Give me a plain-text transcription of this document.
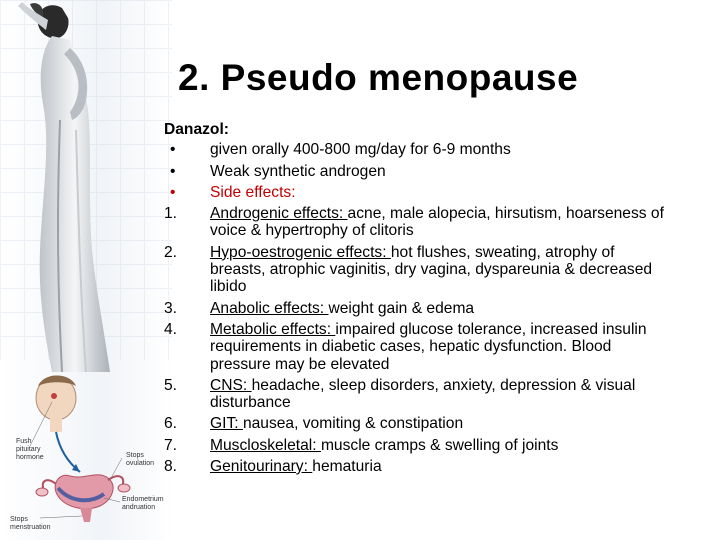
Fush
pituitary
hormone	Stops
ovulation
Endometrium
andruation
Stops
menstruation
2. Pseudo menopause
Danazol:
•	given orally 400-800 mg/day for 6-9 months
•	Weak synthetic androgen
•	Side effects:
1.	Androgenic effects: acne, male alopecia, hirsutism, hoarseness of voice & hypertrophy of clitoris
2.	Hypo-oestrogenic effects: hot flushes, sweating, atrophy of breasts, atrophic vaginitis, dry vagina, dyspareunia & decreased libido
3.	Anabolic effects: weight gain & edema
4.	Metabolic effects: impaired glucose tolerance, increased insulin requirements in diabetic cases, hepatic dysfunction. Blood pressure may be elevated
5.	CNS: headache, sleep disorders, anxiety, depression & visual disturbance
6.	GIT: nausea, vomiting & constipation
7.	Muscloskeletal: muscle cramps & swelling of joints
8.	Genitourinary: hematuria
